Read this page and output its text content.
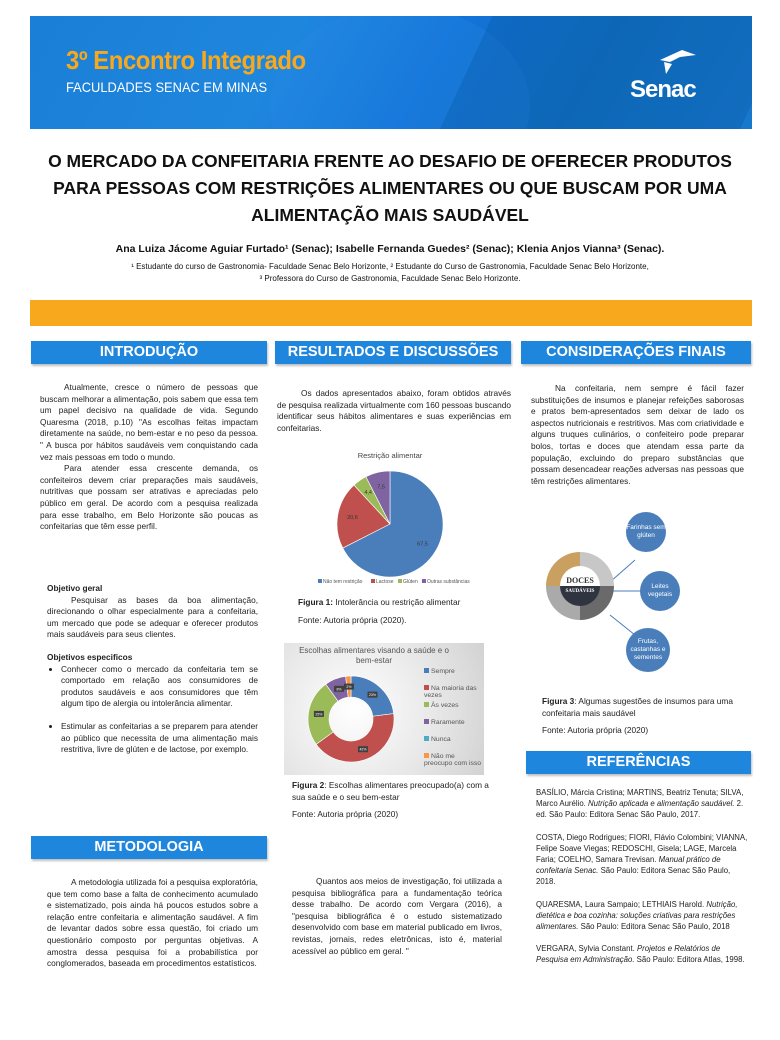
3º Encontro Integrado
FACULDADES SENAC EM MINAS	Senac
O MERCADO DA CONFEITARIA FRENTE AO DESAFIO DE OFERECER PRODUTOS PARA PESSOAS COM RESTRIÇÕES ALIMENTARES OU QUE BUSCAM POR UMA ALIMENTAÇÃO MAIS SAUDÁVEL
Ana Luiza Jácome Aguiar Furtado¹ (Senac); Isabelle Fernanda Guedes² (Senac); Klenia Anjos Vianna³ (Senac).
¹ Estudante do curso de Gastronomia- Faculdade Senac Belo Horizonte, ² Estudante do Curso de Gastronomia, Faculdade Senac Belo Horizonte,
³ Professora do Curso de Gastronomia, Faculdade Senac Belo Horizonte.
INTRODUÇÃO

Atualmente, cresce o número de pessoas que buscam melhorar a alimentação, pois sabem que essa tem um papel decisivo na qualidade de vida. Segundo Quaresma (2018, p.10) "As escolhas feitas impactam diretamente na saúde, no bem-estar e no peso da pessoa. " A busca por hábitos saudáveis vem conquistando cada vez mais pessoas em todo o mundo.

Para atender essa crescente demanda, os confeiteiros devem criar preparações mais saudáveis, nutritivas que possam ser atrativas e apreciadas pelo público em geral. De acordo com a pesquisa realizada para esse trabalho, em Belo Horizonte são poucas as confeitarias que têm esse perfil.

Objetivo geral

Pesquisar as bases da boa alimentação, direcionando o olhar especialmente para a confeitaria, um mercado que pode se adequar e oferecer produtos mais saudáveis para seus clientes.

Objetivos especificos
• Conhecer como o mercado da confeitaria tem se comportado em relação aos consumidores de produtos saudáveis e aos consumidores que têm algum tipo de alergia ou intolerância alimentar.
• Estimular as confeitarias a se preparem para atender ao público que necessita de uma alimentação mais restritiva, livre de glúten e de lactose, por exemplo.
METODOLOGIA

A metodologia utilizada foi a pesquisa exploratória, que tem como base a falta de conhecimento acumulado e sistematizado, pois ainda há poucos estudos sobre a relação entre confeitaria e alimentação saudável. A fim de levantar dados sobre essa questão, foi criado um questionário composto por perguntas objetivas. A amostra dessa pesquisa foi a probabilística por conglomerados, baseada em procedimentos estatísticos.

RESULTADOS E DISCUSSÕES

Os dados apresentados abaixo, foram obtidos através de pesquisa realizada virtualmente com 160 pessoas buscando identificar seus hábitos alimentares e suas experiências em confeitarias.

Restrição alimentar
67,5
20,6
4,4
7,5
Não tem restrição	Lactose	Glúten	Outras substâncias
Figura 1: Intolerância ou restrição alimentar
Fonte: Autoria própria (2020).
Escolhas alimentares visando a saúde e o bem-estar
23%
42%
25%
8%
2%
Sempre
Na maioria das vezes
Às vezes
Raramente
Nunca
Não me preocupo com isso
Figura 2: Escolhas alimentares preocupado(a) com a sua saúde e o seu bem-estar
Fonte: Autoria própria (2020)

Quantos aos meios de investigação, foi utilizada a pesquisa bibliográfica para a fundamentação teórica desse trabalho. De acordo com Vergara (2016), a "pesquisa bibliográfica é o estudo sistematizado desenvolvido com base em material publicado em livros, revistas, jornais, redes eletrônicas, isto é, material acessível ao público em geral. "

CONSIDERAÇÕES FINAIS

Na confeitaria, nem sempre é fácil fazer substituições de insumos e planejar refeições saborosas e pratos bem-apresentados sem deixar de lado os aspectos nutricionais e restritivos. Mas com criatividade e alguns truques culinários, o confeiteiro pode preparar bolos, tortas e doces que atendam essa parte da população, excluindo do preparo substâncias que possam desencadear reações adversas nas pessoas que têm restrições alimentares.

DOCES
SAUDÁVEIS
Farinhas sem glúten
Leites vegetais
Frutas, castanhas e sementes
Figura 3: Algumas sugestões de insumos para uma confeitaria mais saudável
Fonte: Autoria própria (2020)
REFERÊNCIAS
BASÍLIO, Márcia Cristina; MARTINS, Beatriz Tenuta; SILVA, Marco Aurélio. Nutrição aplicada e alimentação saudável. 2. ed. São Paulo: Editora Senac São Paulo, 2017.
COSTA, Diego Rodrigues; FIORI, Flávio Colombini; VIANNA, Felipe Soave Viegas; REDOSCHI, Gisela; LAGE, Marcela Faria; COELHO, Samara Trevisan. Manual prático de confeitaria Senac. São Paulo: Editora Senac São Paulo, 2018.
QUARESMA, Laura Sampaio; LETHIAIS Harold. Nutrição, dietética e boa cozinha: soluções criativas para restrições alimentares. São Paulo: Editora Senac São Paulo, 2018
VERGARA, Sylvia Constant. Projetos e Relatórios de Pesquisa em Administração. São Paulo: Editora Atlas, 1998.
